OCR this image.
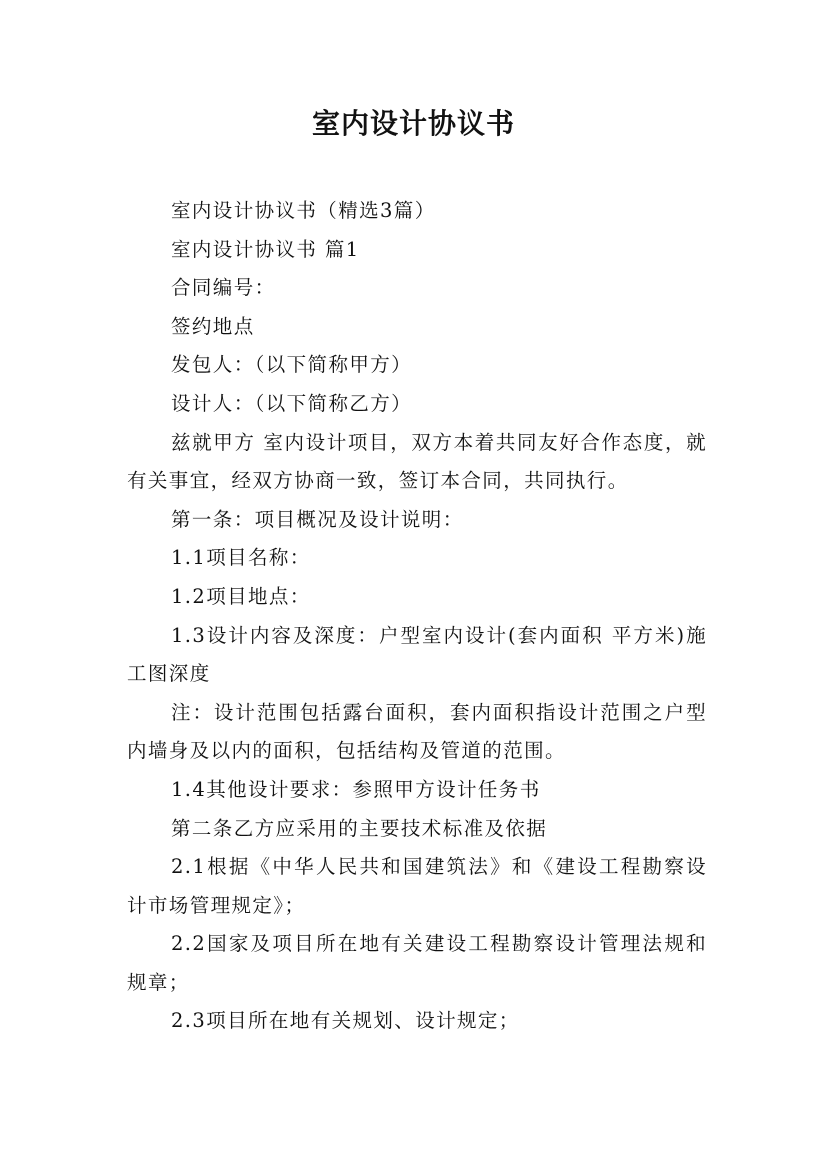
室内设计协议书
室内设计协议书（精选3篇）
室内设计协议书 篇1
合同编号：
签约地点
发包人：（以下简称甲方）
设计人：（以下简称乙方）
兹就甲方 室内设计项目，双方本着共同友好合作态度，就有关事宜，经双方协商一致，签订本合同，共同执行。
第一条：项目概况及设计说明：
1.1项目名称：
1.2项目地点：
1.3设计内容及深度：户型室内设计(套内面积 平方米)施工图深度
注：设计范围包括露台面积，套内面积指设计范围之户型内墙身及以内的面积，包括结构及管道的范围。
1.4其他设计要求：参照甲方设计任务书
第二条乙方应采用的主要技术标准及依据
2.1根据《中华人民共和国建筑法》和《建设工程勘察设计市场管理规定》；
2.2国家及项目所在地有关建设工程勘察设计管理法规和规章；
2.3项目所在地有关规划、设计规定；
